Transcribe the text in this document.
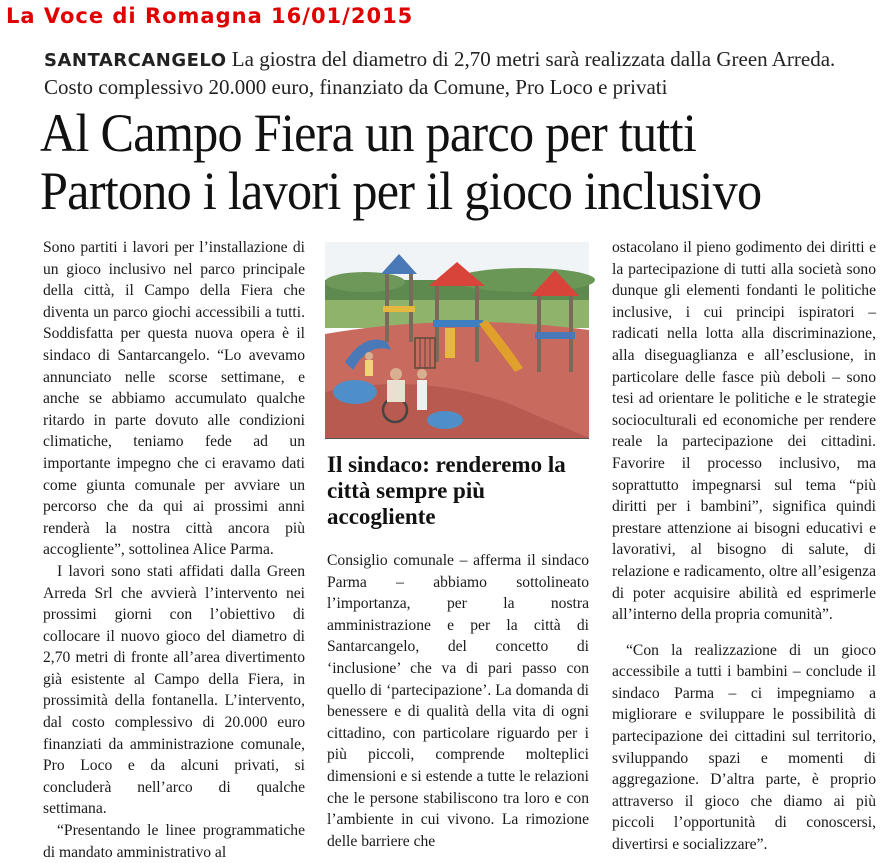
La Voce di Romagna 16/01/2015
SANTARCANGELO La giostra del diametro di 2,70 metri sarà realizzata dalla Green Arreda. Costo complessivo 20.000 euro, finanziato da Comune, Pro Loco e privati
Al Campo Fiera un parco per tutti
Partono i lavori per il gioco inclusivo

Sono partiti i lavori per l’installazione di un gioco inclusivo nel parco principale della città, il Campo della Fiera che diventa un parco giochi accessibili a tutti. Soddisfatta per questa nuova opera è il sindaco di Santarcangelo. “Lo avevamo annunciato nelle scorse settimane, e anche se abbiamo accumulato qualche ritardo in parte dovuto alle condizioni climatiche, teniamo fede ad un importante impegno che ci eravamo dati come giunta comunale per avviare un percorso che da qui ai prossimi anni renderà la nostra città ancora più accogliente”, sottolinea Alice Parma.

I lavori sono stati affidati dalla Green Arreda Srl che avvierà l’intervento nei prossimi giorni con l’obiettivo di collocare il nuovo gioco del diametro di 2,70 metri di fronte all’area divertimento già esistente al Campo della Fiera, in prossimità della fontanella. L’intervento, dal costo complessivo di 20.000 euro finanziati da amministrazione comunale, Pro Loco e da alcuni privati, si concluderà nell’arco di qualche settimana.

“Presentando le linee programmatiche di mandato amministrativo al

Il sindaco: renderemo la città sempre più accogliente

Consiglio comunale – afferma il sindaco Parma – abbiamo sottolineato l’importanza, per la nostra amministrazione e per la città di Santarcangelo, del concetto di ‘inclusione’ che va di pari passo con quello di ‘partecipazione’. La domanda di benessere e di qualità della vita di ogni cittadino, con particolare riguardo per i più piccoli, comprende molteplici dimensioni e si estende a tutte le relazioni che le persone stabiliscono tra loro e con l’ambiente in cui vivono. La rimozione delle barriere che

ostacolano il pieno godimento dei diritti e la partecipazione di tutti alla società sono dunque gli elementi fondanti le politiche inclusive, i cui principi ispiratori – radicati nella lotta alla discriminazione, alla diseguaglianza e all’esclusione, in particolare delle fasce più deboli – sono tesi ad orientare le politiche e le strategie socioculturali ed economiche per rendere reale la partecipazione dei cittadini. Favorire il processo inclusivo, ma soprattutto impegnarsi sul tema “più diritti per i bambini”, significa quindi prestare attenzione ai bisogni educativi e lavorativi, al bisogno di salute, di relazione e radicamento, oltre all’esigenza di poter acquisire abilità ed esprimerle all’interno della propria comunità”.

“Con la realizzazione di un gioco accessibile a tutti i bambini – conclude il sindaco Parma – ci impegniamo a migliorare e sviluppare le possibilità di partecipazione dei cittadini sul territorio, sviluppando spazi e momenti di aggregazione. D’altra parte, è proprio attraverso il gioco che diamo ai più piccoli l’opportunità di conoscersi, divertirsi e socializzare”.
